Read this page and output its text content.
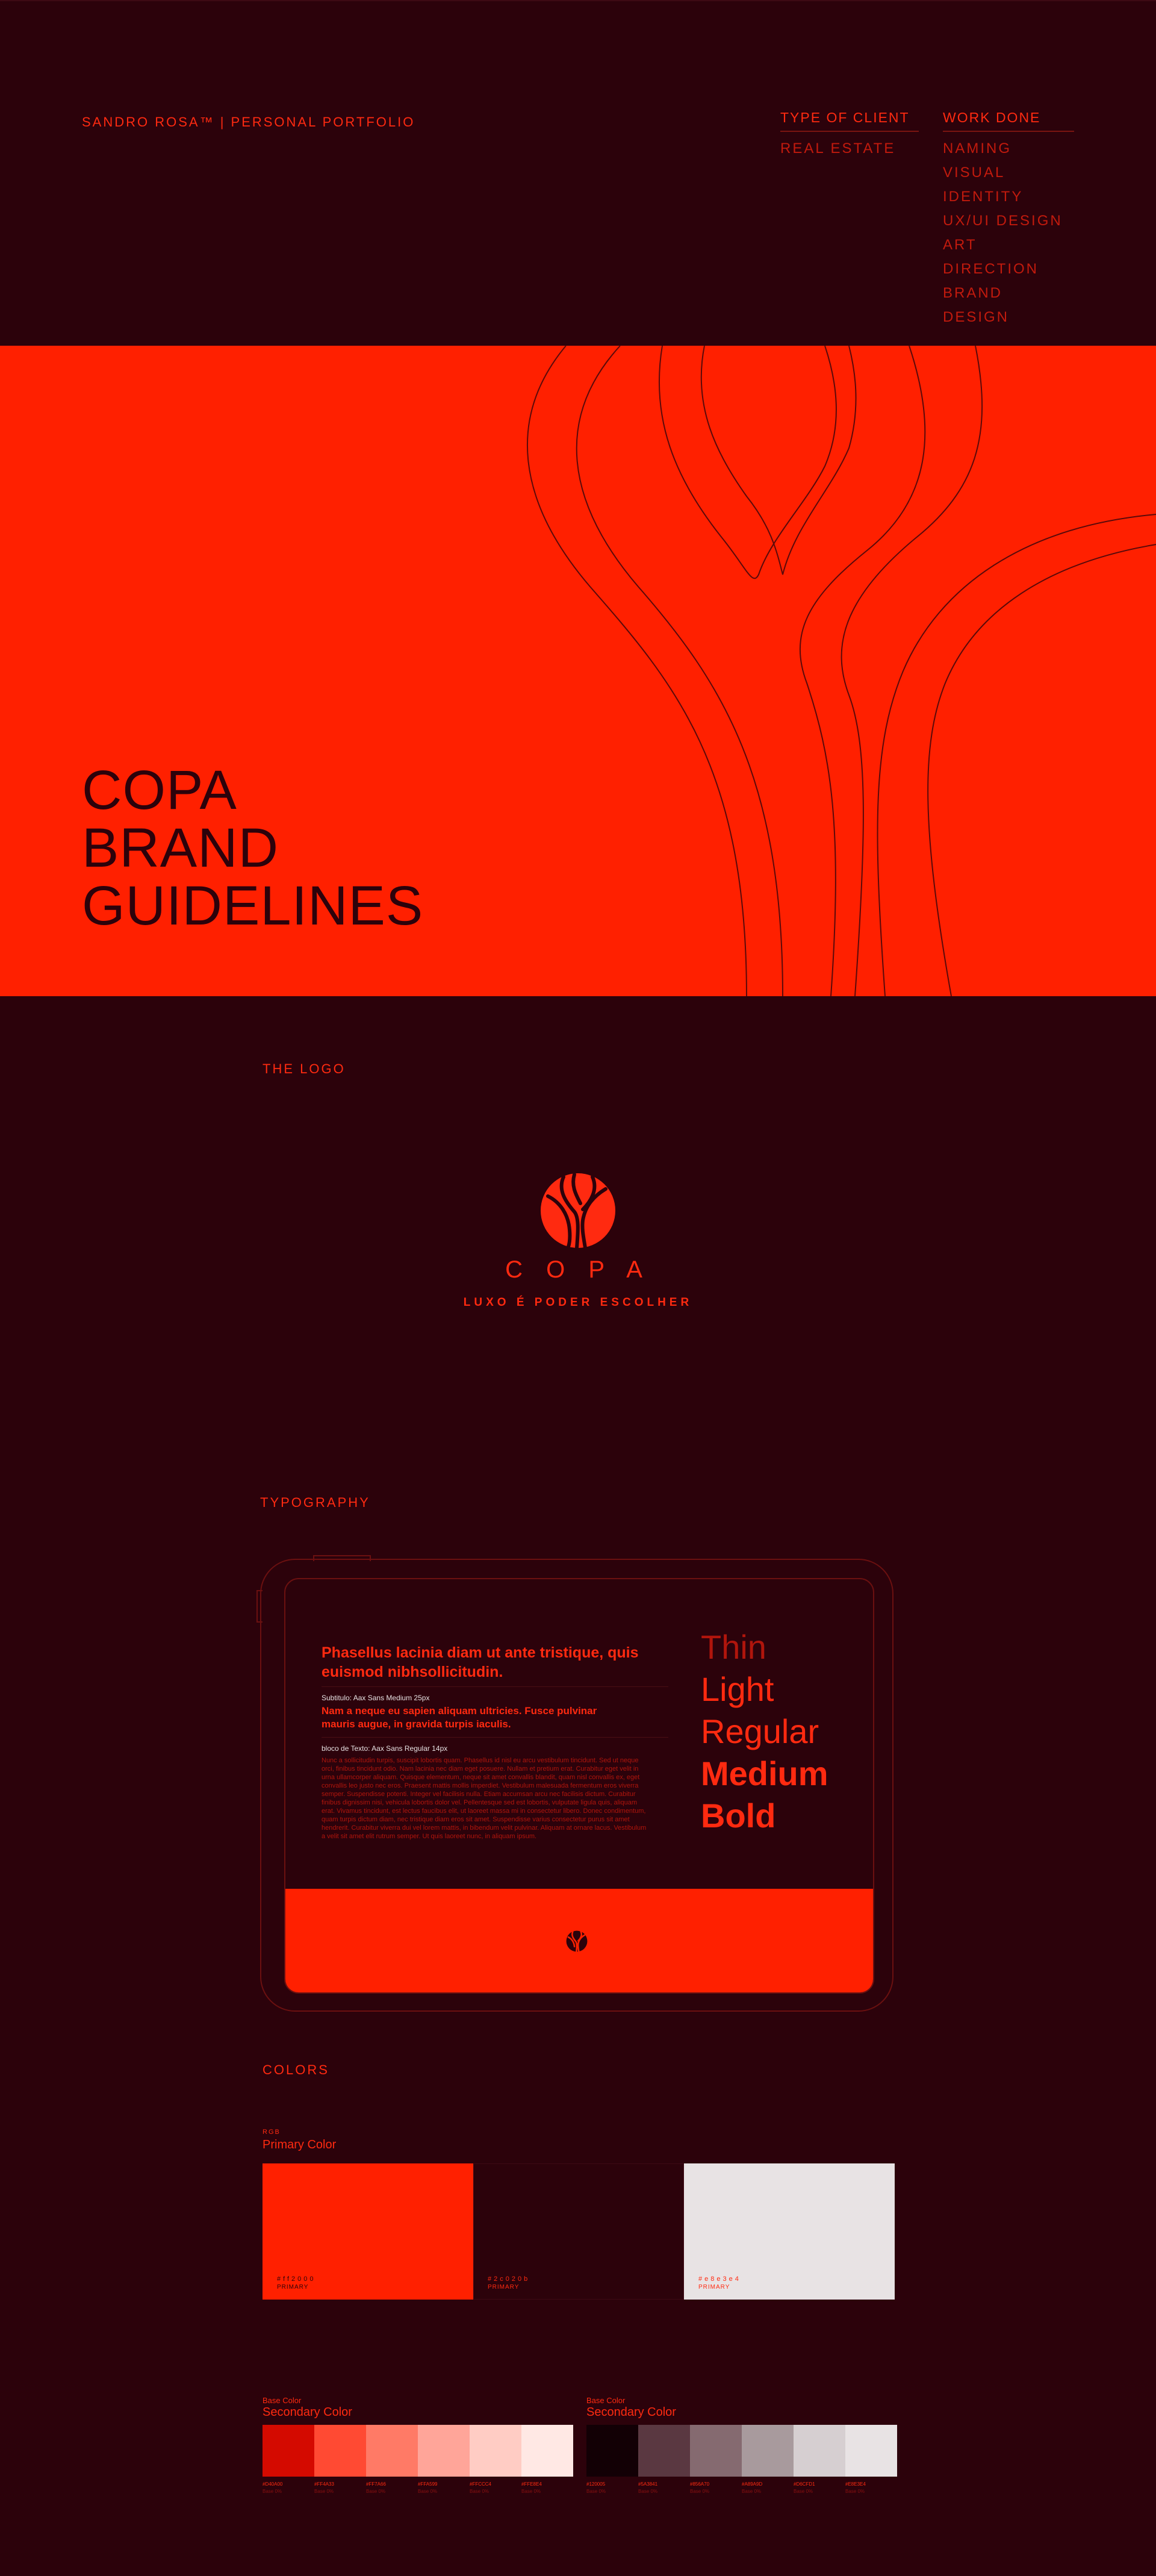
SANDRO ROSA™ | PERSONAL PORTFOLIO	TYPE OF CLIENT
REAL ESTATE
WORK DONE
NAMING
VISUAL IDENTITY
UX/UI DESIGN
ART DIRECTION
BRAND DESIGN
COPA
BRAND
GUIDELINES
THE LOGO
C O P A
LUXO É PODER ESCOLHER
TYPOGRAPHY
Phasellus lacinia diam ut ante tristique, quis euismod nibhsollicitudin.
Subtitulo: Aax Sans Medium 25px
Nam a neque eu sapien aliquam ultricies. Fusce pulvinar mauris augue, in gravida turpis iaculis.
bloco de Texto: Aax Sans Regular 14px
Nunc a sollicitudin turpis, suscipit lobortis quam. Phasellus id nisl eu arcu vestibulum tincidunt. Sed ut neque orci, finibus tincidunt odio. Nam lacinia nec diam eget posuere. Nullam et pretium erat. Curabitur eget velit in urna ullamcorper aliquam. Quisque elementum, neque sit amet convallis blandit, quam nisl convallis ex, eget convallis leo justo nec eros. Praesent mattis mollis imperdiet. Vestibulum malesuada fermentum eros viverra semper. Suspendisse potenti. Integer vel facilisis nulla. Etiam accumsan arcu nec facilisis dictum. Curabitur finibus dignissim nisi, vehicula lobortis dolor vel. Pellentesque sed est lobortis, vulputate ligula quis, aliquam erat. Vivamus tincidunt, est lectus faucibus elit, ut laoreet massa mi in consectetur libero. Donec condimentum, quam turpis dictum diam, nec tristique diam eros sit amet. Suspendisse varius consectetur purus sit amet hendrerit. Curabitur viverra dui vel lorem mattis, in bibendum velit pulvinar. Aliquam at ornare lacus. Vestibulum a velit sit amet elit rutrum semper. Ut quis laoreet nunc, in aliquam ipsum.
Thin
Light
Regular
Medium
Bold
COLORS
RGB
Primary Color
#ff2000
PRIMARY
#2c020b
PRIMARY
#e8e3e4
PRIMARY
Base Color
Secondary Color
Base Color
Secondary Color
#D40A00
Base 0%
#FF4A33
Base 0%
#FF7A66
Base 0%
#FFA599
Base 0%
#FFCCC4
Base 0%
#FFE8E4
Base 0%
#120005
Base 0%
#5A3841
Base 0%
#856A70
Base 0%
#A89A9D
Base 0%
#D6CFD1
Base 0%
#E8E3E4
Base 0%
